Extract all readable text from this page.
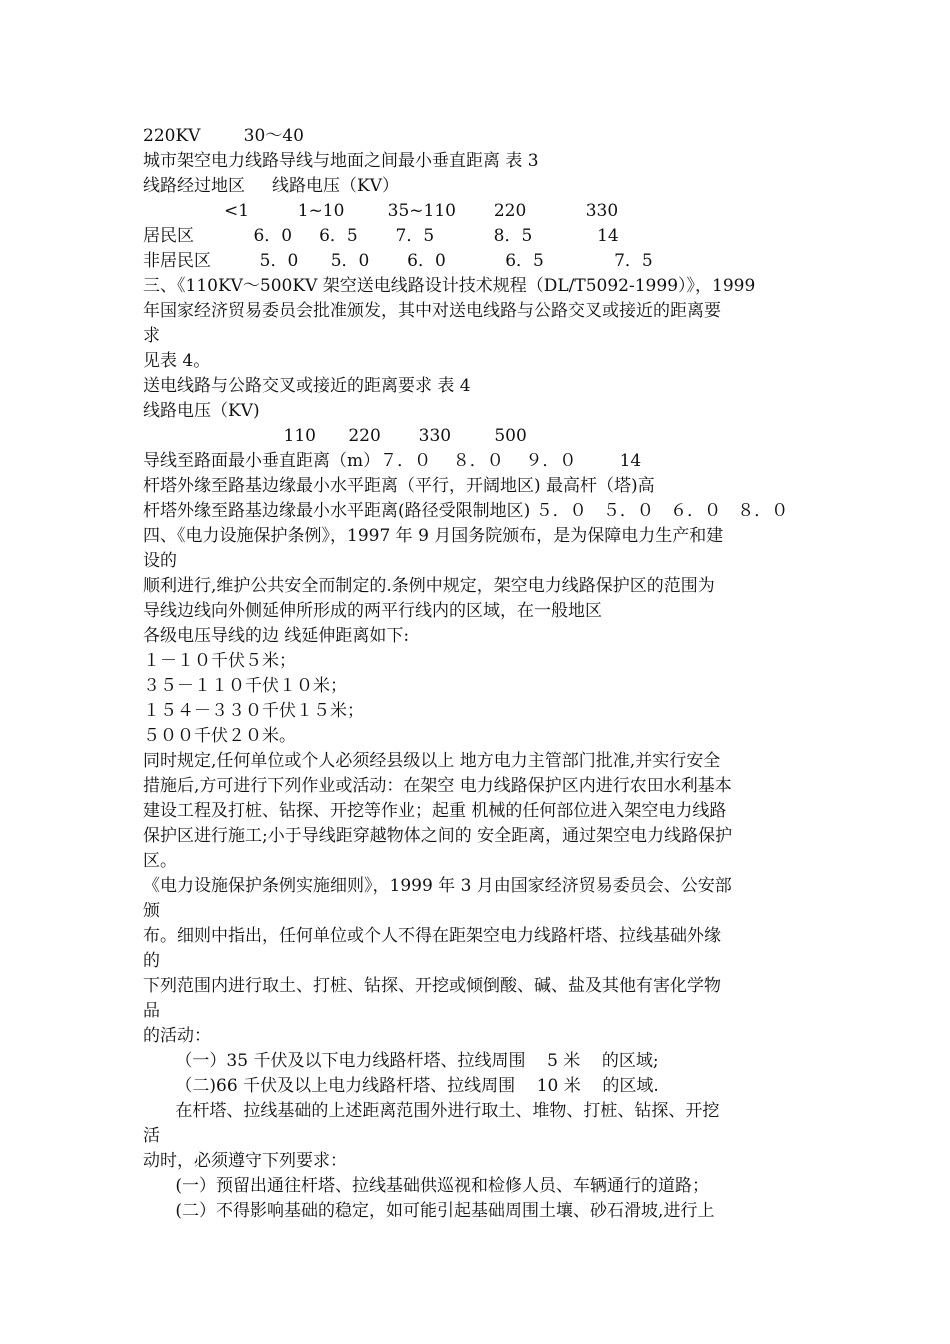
220KV        30～40
城市架空电力线路导线与地面之间最小垂直距离 表 3
线路经过地区     线路电压（KV）
<1         1~10        35~110       220           330
居民区           6．0     6．5       7．5           8．5            14
非居民区         5．0      5．0       6．0           6．5             7．5
三、《110KV～500KV 架空送电线路设计技术规程（DL/T5092-1999）》，1999
年国家经济贸易委员会批准颁发，其中对送电线路与公路交叉或接近的距离要
求
见表 4。
送电线路与公路交叉或接近的距离要求 表 4
线路电压（KV)
110      220       330        500
导线至路面最小垂直距离（m）７．０    ８．０    ９．０        14
杆塔外缘至路基边缘最小水平距离（平行，开阔地区) 最高杆（塔)高
杆塔外缘至路基边缘最小水平距离(路径受限制地区) ５．０   ５．０   ６．０   ８．０
四、《电力设施保护条例》，1997 年 9 月国务院颁布，是为保障电力生产和建
设的
顺利进行,维护公共安全而制定的.条例中规定，架空电力线路保护区的范围为
导线边线向外侧延伸所形成的两平行线内的区域，在一般地区
各级电压导线的边 线延伸距离如下:
１－１０千伏５米；
３５－１１０千伏１０米；
１５４－３３０千伏１５米；
５００千伏２０米。
同时规定,任何单位或个人必须经县级以上 地方电力主管部门批准,并实行安全
措施后,方可进行下列作业或活动：在架空 电力线路保护区内进行农田水利基本
建设工程及打桩、钻探、开挖等作业；起重 机械的任何部位进入架空电力线路
保护区进行施工;小于导线距穿越物体之间的 安全距离，通过架空电力线路保护
区。
《电力设施保护条例实施细则》，1999 年 3 月由国家经济贸易委员会、公安部
颁
布。细则中指出，任何单位或个人不得在距架空电力线路杆塔、拉线基础外缘
的
下列范围内进行取土、打桩、钻探、开挖或倾倒酸、碱、盐及其他有害化学物
品
的活动：
（一）35 千伏及以下电力线路杆塔、拉线周围    5 米    的区域;
（二)66 千伏及以上电力线路杆塔、拉线周围    10 米    的区域.
在杆塔、拉线基础的上述距离范围外进行取土、堆物、打桩、钻探、开挖
活
动时，必须遵守下列要求：
(一）预留出通往杆塔、拉线基础供巡视和检修人员、车辆通行的道路；
(二）不得影响基础的稳定，如可能引起基础周围土壤、砂石滑坡,进行上
